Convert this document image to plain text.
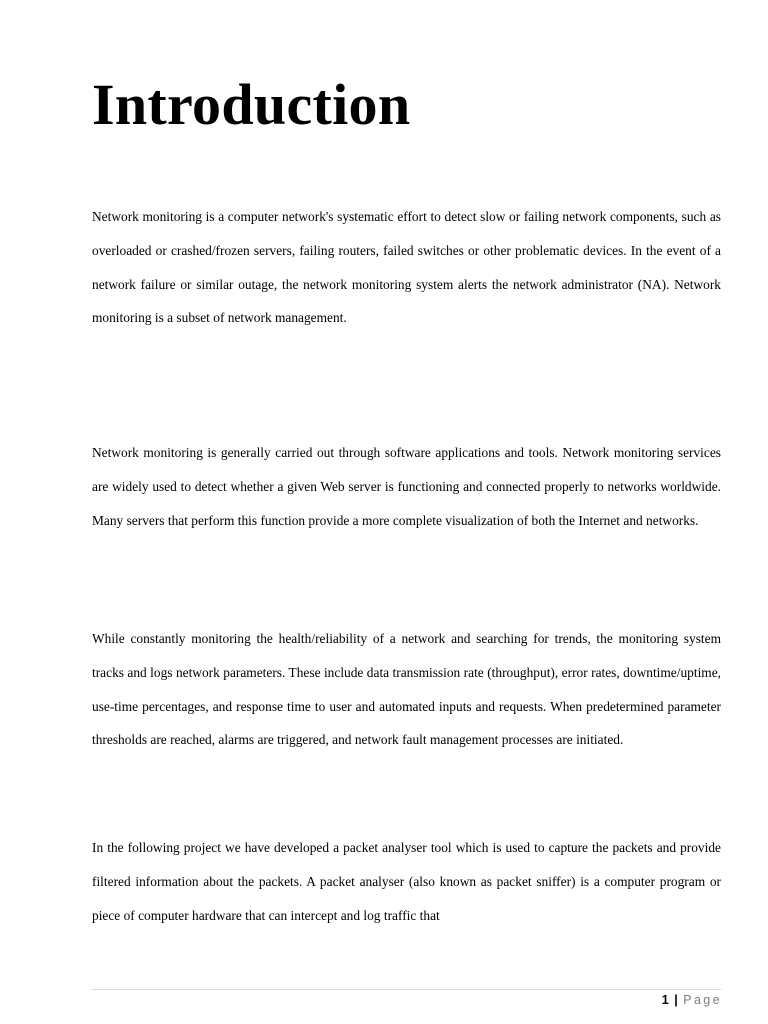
Introduction

Network monitoring is a computer network's systematic effort to detect slow or failing network components, such as overloaded or crashed/frozen servers, failing routers, failed switches or other problematic devices. In the event of a network failure or similar outage, the network monitoring system alerts the network administrator (NA). Network monitoring is a subset of network management.

Network monitoring is generally carried out through software applications and tools. Network monitoring services are widely used to detect whether a given Web server is functioning and connected properly to networks worldwide. Many servers that perform this function provide a more complete visualization of both the Internet and networks.

While constantly monitoring the health/reliability of a network and searching for trends, the monitoring system tracks and logs network parameters. These include data transmission rate (throughput), error rates, downtime/uptime, use-time percentages, and response time to user and automated inputs and requests. When predetermined parameter thresholds are reached, alarms are triggered, and network fault management processes are initiated.

In the following project we have developed a packet analyser tool which is used to capture the packets and provide filtered information about the packets. A packet analyser (also known as packet sniffer) is a computer program or piece of computer hardware that can intercept and log traffic that

1 | Page
